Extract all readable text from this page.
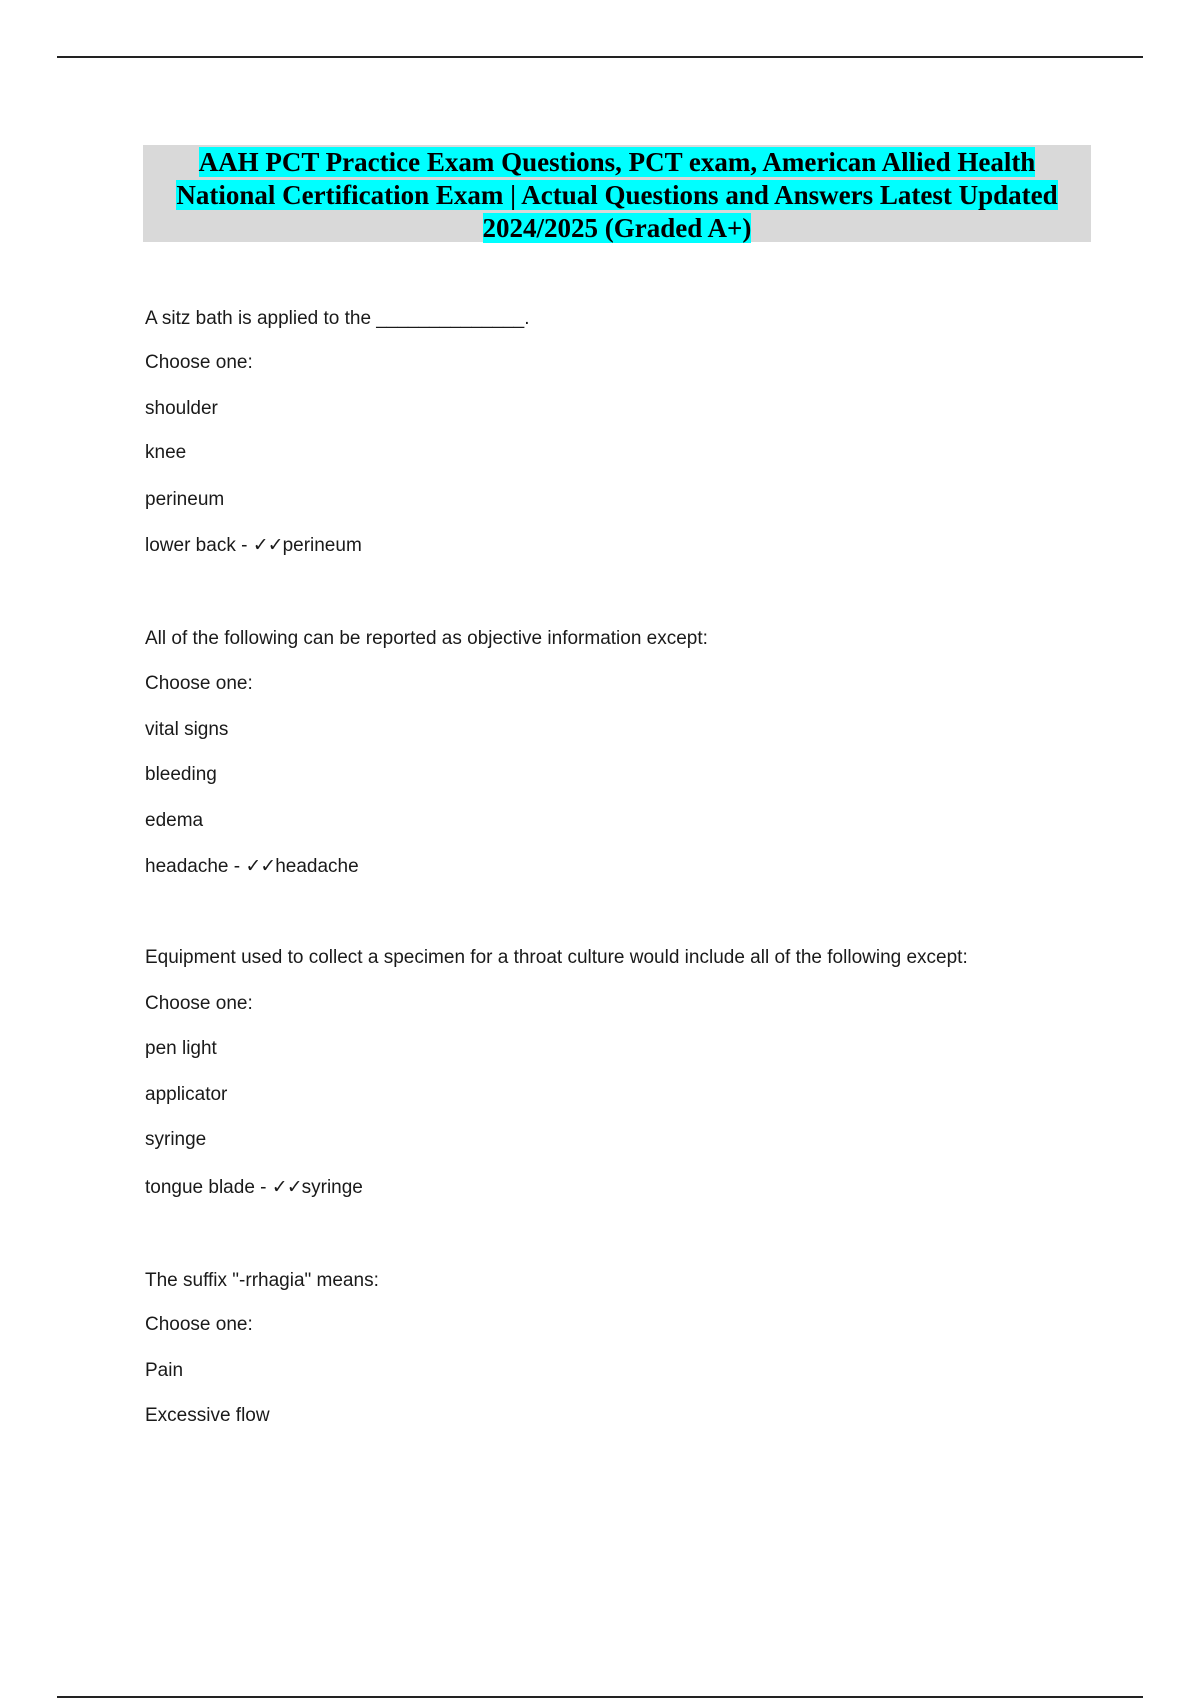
AAH PCT Practice Exam Questions, PCT exam, American Allied Health
National Certification Exam | Actual Questions and Answers Latest Updated
2024/2025 (Graded A+)
A sitz bath is applied to the ______________.
Choose one:
shoulder
knee
perineum
lower back - ✓✓perineum
All of the following can be reported as objective information except:
Choose one:
vital signs
bleeding
edema
headache - ✓✓headache
Equipment used to collect a specimen for a throat culture would include all of the following except:
Choose one:
pen light
applicator
syringe
tongue blade - ✓✓syringe
The suffix "-rrhagia" means:
Choose one:
Pain
Excessive flow
